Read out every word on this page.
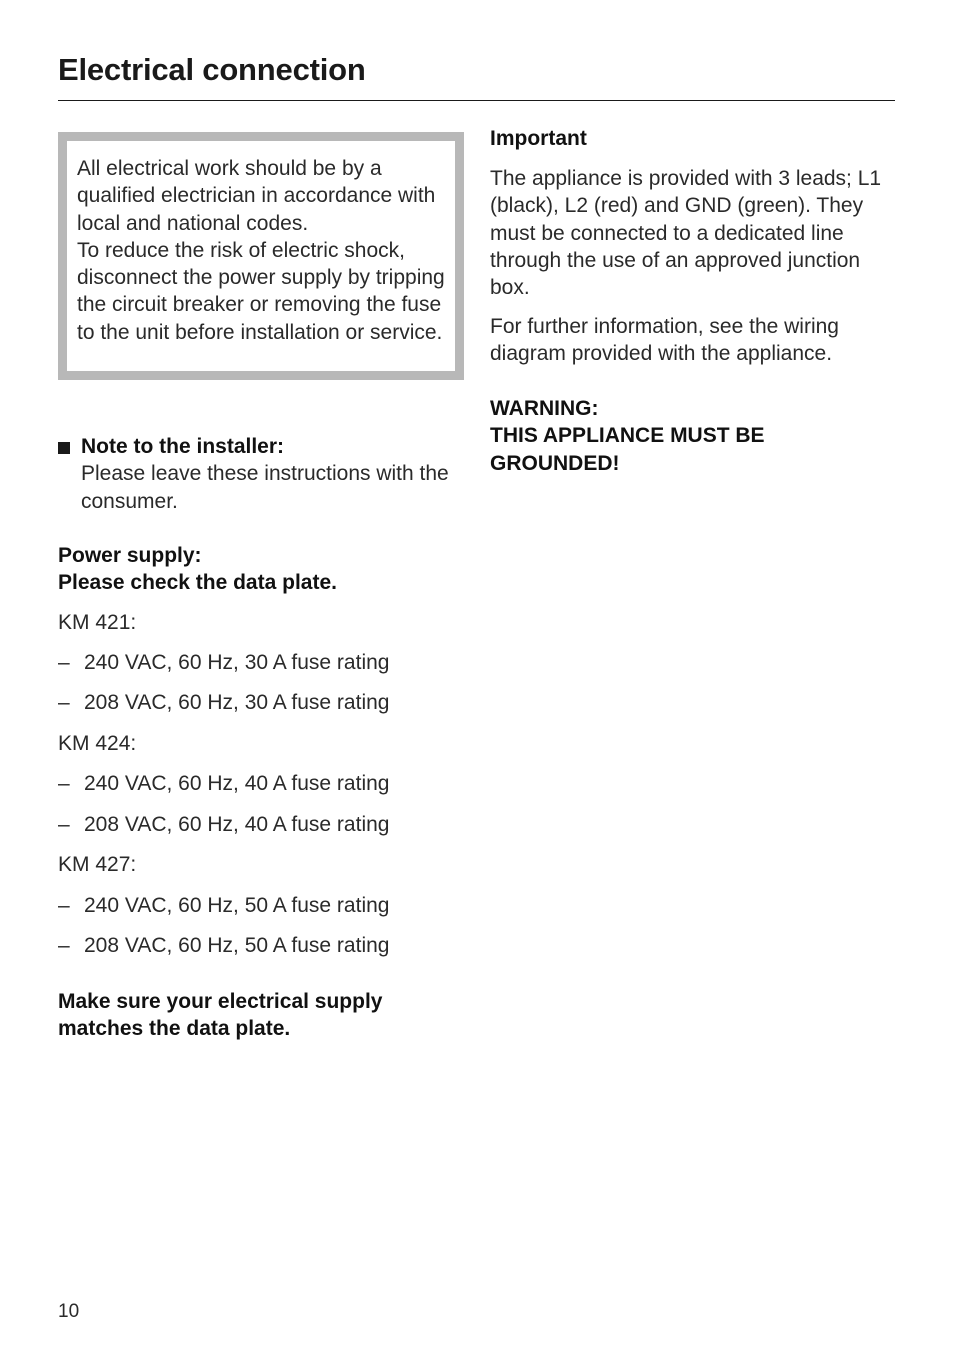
Electrical connection

All electrical work should be by a qualified electrician in accordance with local and national codes.

To reduce the risk of electric shock, disconnect the power supply by tripping the circuit breaker or removing the fuse to the unit before installation or service.

Note to the installer:

Please leave these instructions with the consumer.

Power supply:

Please check the data plate.

KM 421:
– 240 VAC, 60 Hz, 30 A fuse rating
– 208 VAC, 60 Hz, 30 A fuse rating
KM 424:
– 240 VAC, 60 Hz, 40 A fuse rating
– 208 VAC, 60 Hz, 40 A fuse rating
KM 427:
– 240 VAC, 60 Hz, 50 A fuse rating
– 208 VAC, 60 Hz, 50 A fuse rating

Make sure your electrical supply

matches the data plate.

Important

The appliance is provided with 3 leads; L1 (black), L2 (red) and GND (green). They must be connected to a dedicated line through the use of an approved junction box.

For further information, see the wiring diagram provided with the appliance.

WARNING:

THIS APPLIANCE MUST BE

GROUNDED!

10
